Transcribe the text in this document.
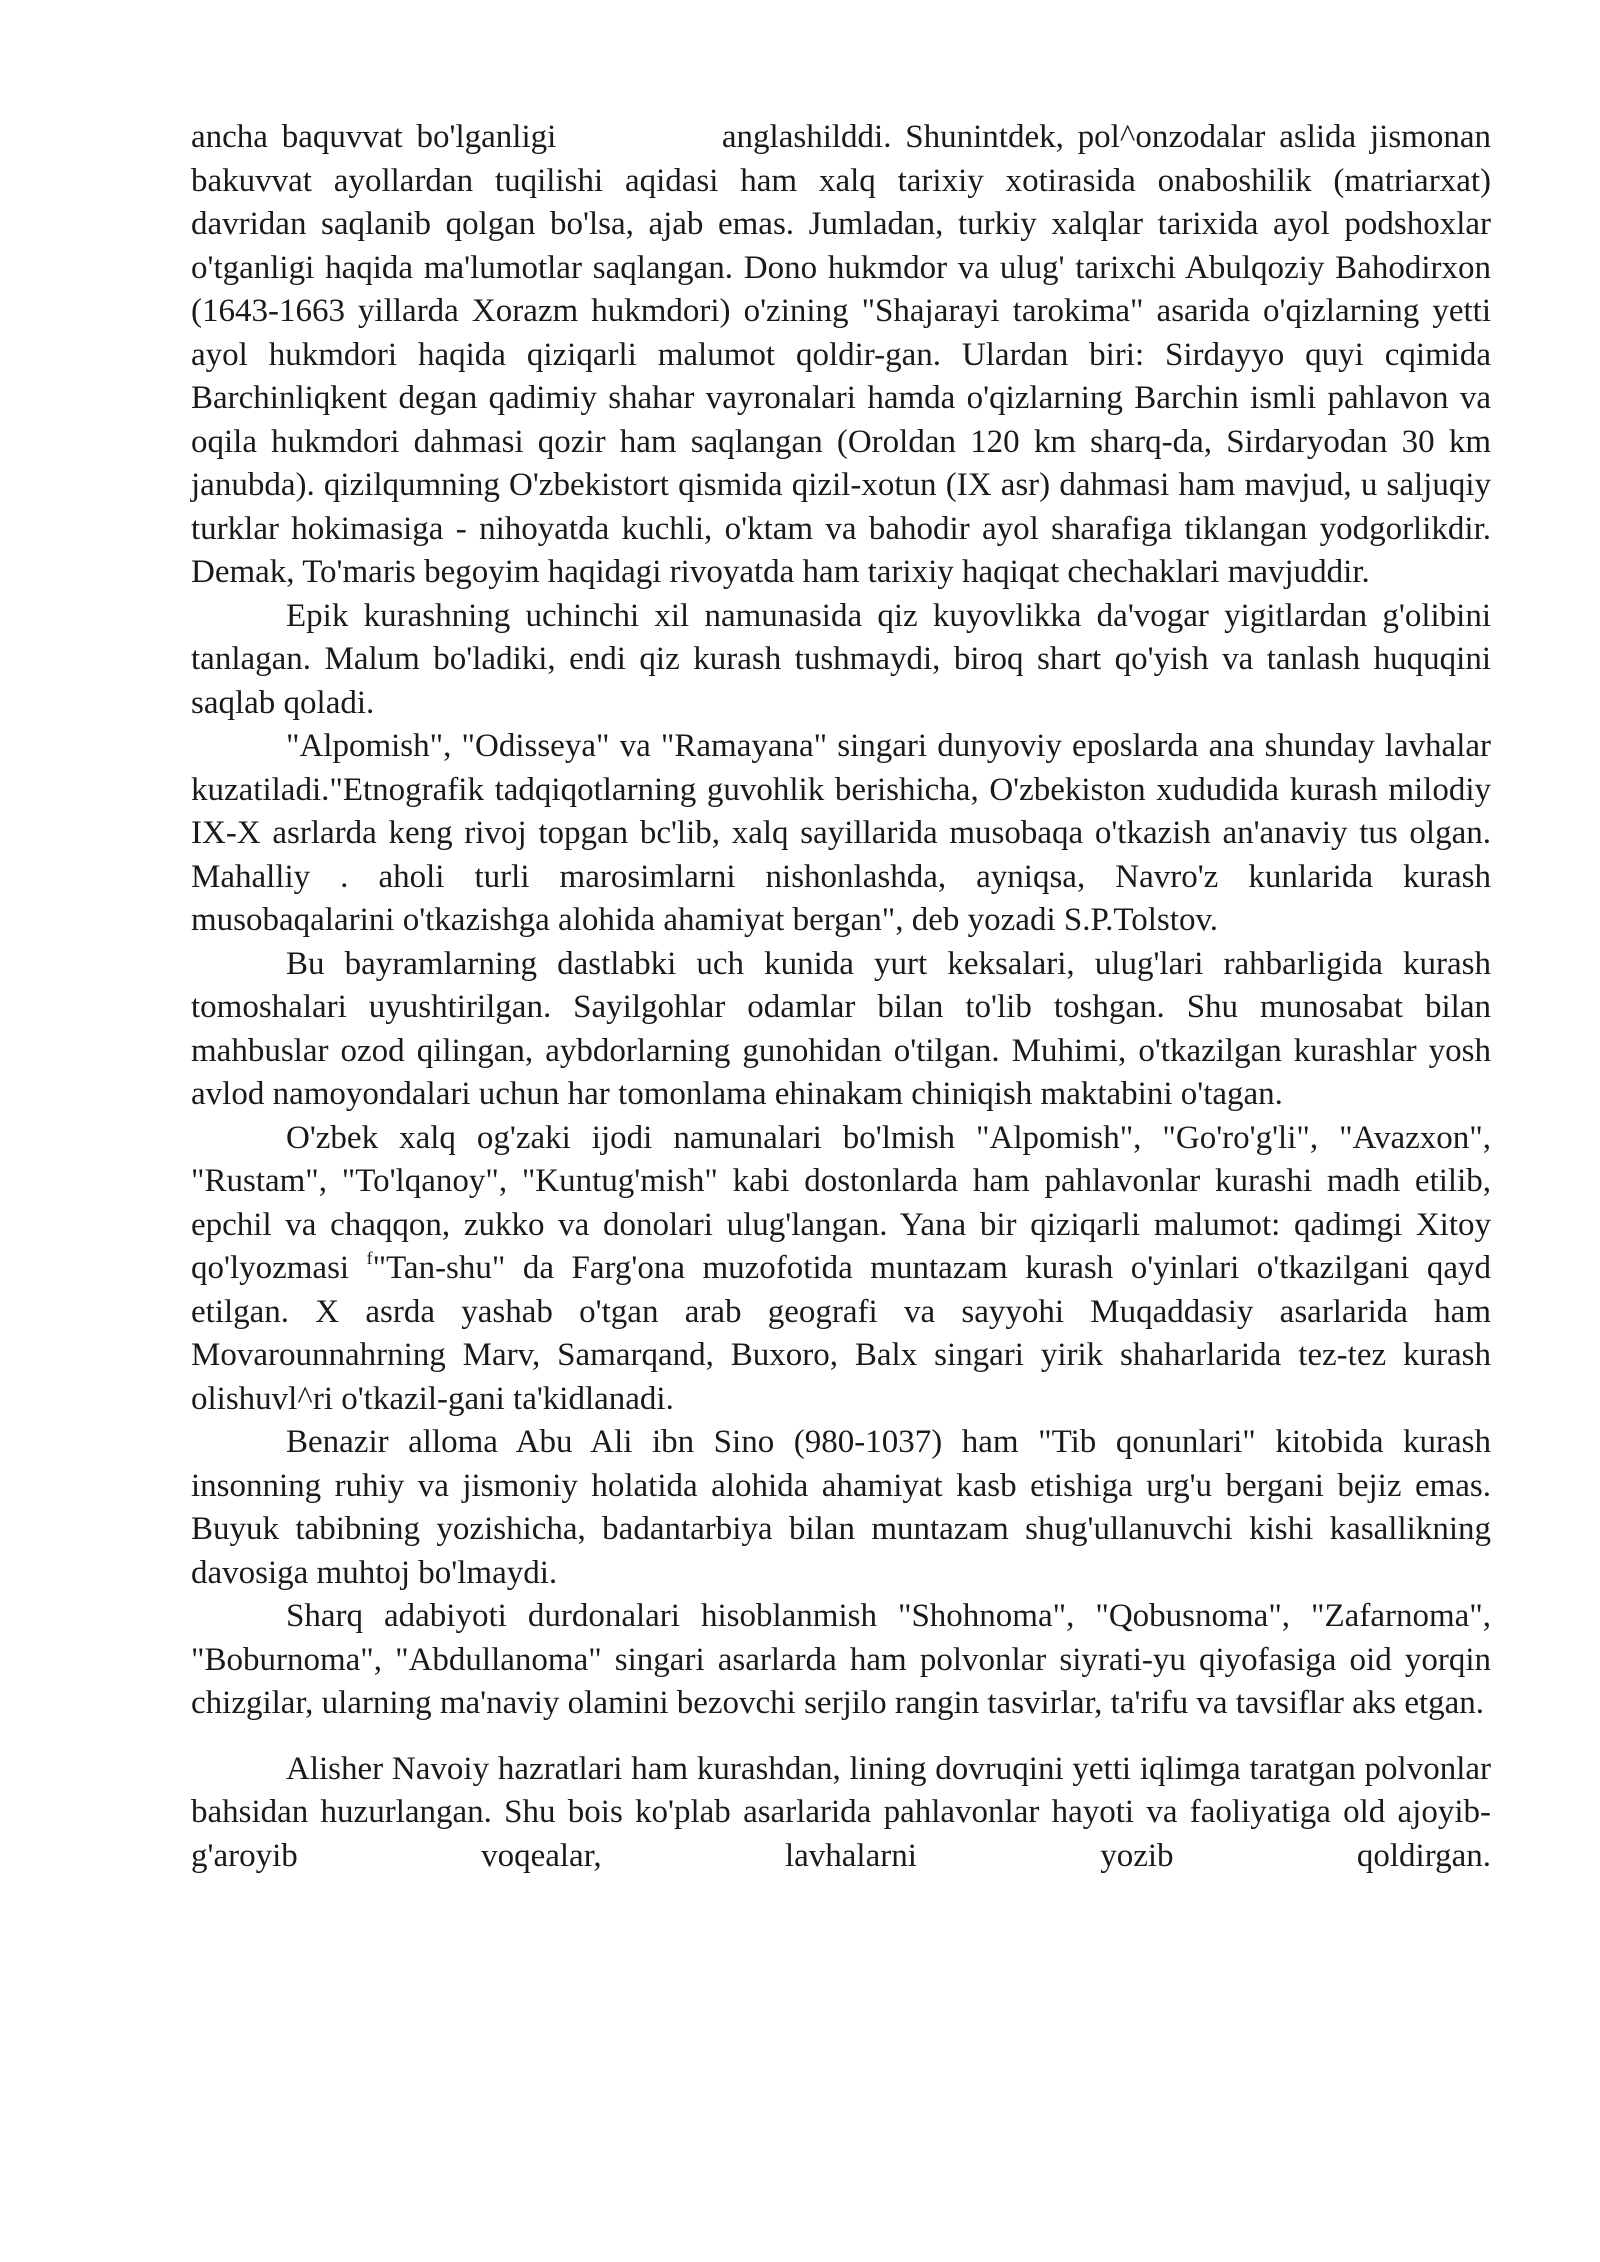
ancha baquvvat bo'lganligi            anglashilddi. Shunintdek, pol^onzodalar aslida jismonan bakuvvat ayollardan tuqilishi aqidasi ham xalq tarixiy xotirasida onaboshilik (matriarxat) davridan saqlanib qolgan bo'lsa, ajab emas. Jumladan, turkiy xalqlar tarixida ayol podshoxlar o'tganligi haqida ma'lumotlar saqlangan. Dono hukmdor va ulug' tarixchi Abulqoziy Bahodirxon (1643-1663 yillarda Xorazm hukmdori) o'zining "Shajarayi tarokima" asarida o'qizlarning yetti ayol hukmdori haqida qiziqarli malumot qoldir-gan. Ulardan biri: Sirdayyo quyi cqimida Barchinliqkent degan qadimiy shahar vayronalari hamda o'qizlarning Barchin ismli pahlavon va oqila hukmdori dahmasi qozir ham saqlangan (Oroldan 120 km sharq-da, Sirdaryodan 30 km janubda). qizilqumning O'zbekistort qismida qizil-xotun (IX asr) dahmasi ham mavjud, u saljuqiy turklar hokimasiga - nihoyatda kuchli, o'ktam va bahodir ayol sharafiga tiklangan yodgorlikdir. Demak, To'maris begoyim haqidagi rivoyatda ham tarixiy haqiqat chechaklari mavjuddir.

Epik kurashning uchinchi xil namunasida qiz kuyovlikka da'vogar yigitlardan g'olibini tanlagan. Malum bo'ladiki, endi qiz kurash tushmaydi, biroq shart qo'yish va tanlash huquqini saqlab qoladi.

"Alpomish", "Odisseya" va "Ramayana" singari dunyoviy eposlarda ana shunday lavhalar kuzatiladi."Etnografik tadqiqotlarning guvohlik berishicha, O'zbekiston xududida kurash milodiy IX-X asrlarda keng rivoj topgan bc'lib, xalq sayillarida musobaqa o'tkazish an'anaviy tus olgan. Mahalliy . aholi turli marosimlarni nishonlashda, ayniqsa, Navro'z kunlarida kurash musobaqalarini o'tkazishga alohida ahamiyat bergan", deb yozadi S.P.Tolstov.

Bu bayramlarning dastlabki uch kunida yurt keksalari, ulug'lari rahbarligida kurash tomoshalari uyushtirilgan. Sayilgohlar odamlar bilan to'lib toshgan. Shu munosabat bilan mahbuslar ozod qilingan, aybdorlarning gunohidan o'tilgan. Muhimi, o'tkazilgan kurashlar yosh avlod namoyondalari uchun har tomonlama ehinakam chiniqish maktabini o'tagan.

O'zbek xalq og'zaki ijodi namunalari bo'lmish "Alpomish", "Go'ro'g'li", "Avazxon", "Rustam", "To'lqanoy", "Kuntug'mish" kabi dostonlarda ham pahlavonlar kurashi madh etilib, epchil va chaqqon, zukko va donolari ulug'langan. Yana bir qiziqarli malumot: qadimgi Xitoy qo'lyozmasi $^f$"Tan-shu" da Farg'ona muzofotida muntazam kurash o'yinlari o'tkazilgani qayd etilgan. X asrda yashab o'tgan arab geografi va sayyohi Muqaddasiy asarlarida ham Movarounnahrning Marv, Samarqand, Buxoro, Balx singari yirik shaharlarida tez-tez kurash olishuvl^ri o'tkazil-gani ta'kidlanadi.

Benazir alloma Abu Ali ibn Sino (980-1037) ham "Tib qonunlari" kitobida kurash insonning ruhiy va jismoniy holatida alohida ahamiyat kasb etishiga urg'u bergani bejiz emas. Buyuk tabibning yozishicha, badantarbiya bilan muntazam shug'ullanuvchi kishi kasallikning davosiga muhtoj bo'lmaydi.

Sharq adabiyoti durdonalari hisoblanmish "Shohnoma", "Qobusnoma", "Zafarnoma", "Boburnoma", "Abdullanoma" singari asarlarda ham polvonlar siyrati-yu qiyofasiga oid yorqin chizgilar, ularning ma'naviy olamini bezovchi serjilo rangin tasvirlar, ta'rifu va tavsiflar aks etgan.

Alisher Navoiy hazratlari ham kurashdan, lining dovruqini yetti iqlimga taratgan polvonlar bahsidan huzurlangan. Shu bois ko'plab asarlarida pahlavonlar hayoti va faoliyatiga old ajoyib-g'aroyib voqealar, lavhalarni yozib qoldirgan.
